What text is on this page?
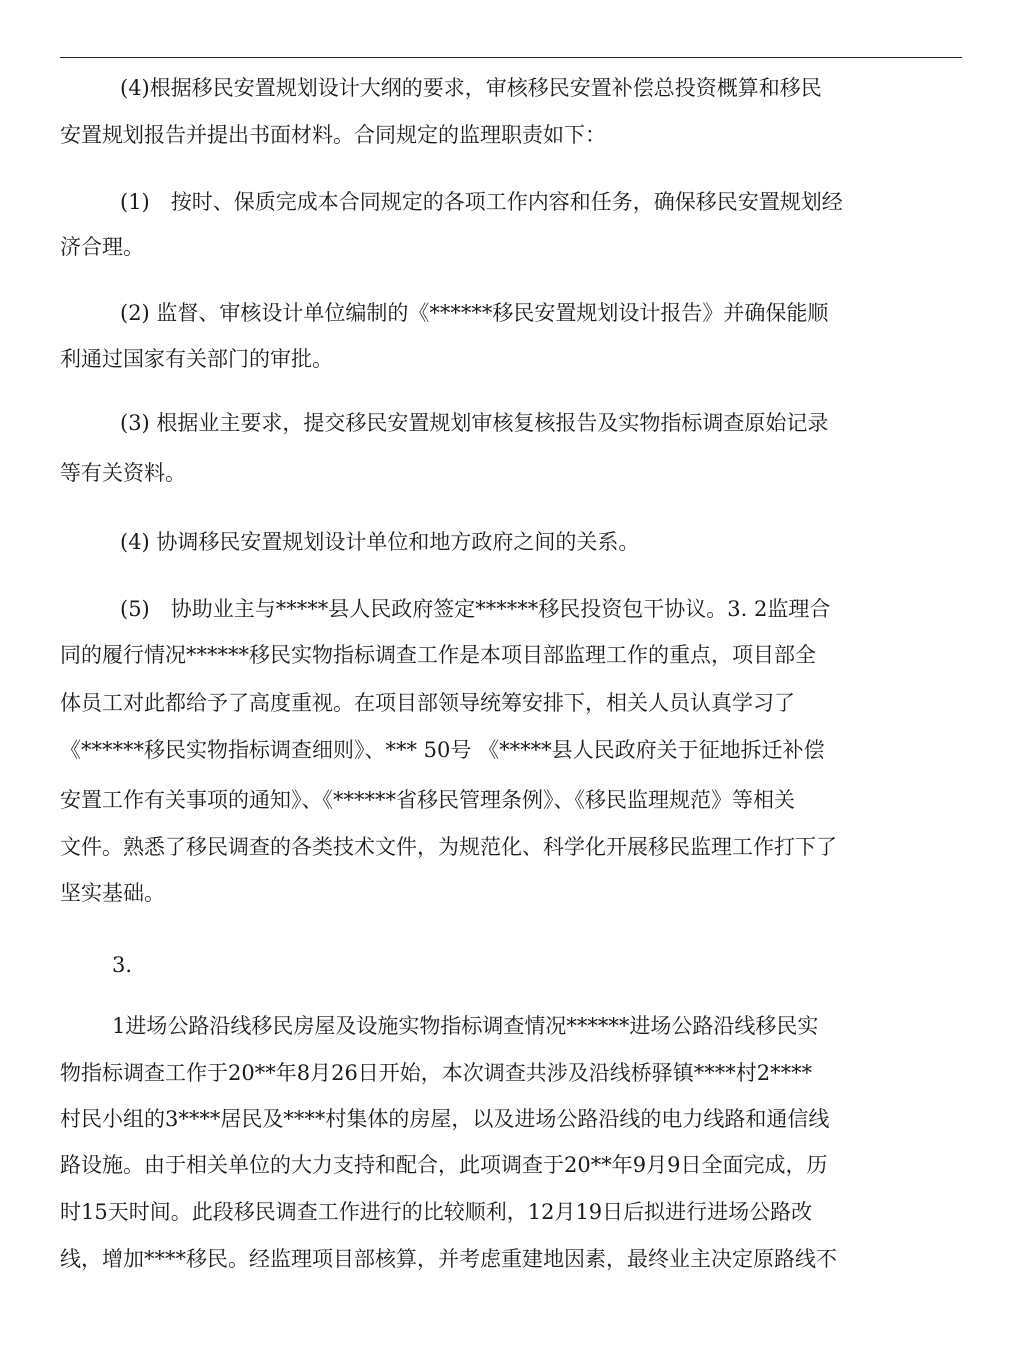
(4)根据移民安置规划设计大纲的要求，审核移民安置补偿总投资概算和移民
安置规划报告并提出书面材料。合同规定的监理职责如下：
(1)　按时、保质完成本合同规定的各项工作内容和任务，确保移民安置规划经
济合理。
(2) 监督、审核设计单位编制的《******移民安置规划设计报告》并确保能顺
利通过国家有关部门的审批。
(3) 根据业主要求，提交移民安置规划审核复核报告及实物指标调查原始记录
等有关资料。
(4) 协调移民安置规划设计单位和地方政府之间的关系。
(5)　协助业主与*****县人民政府签定******移民投资包干协议。3. 2监理合
同的履行情况******移民实物指标调查工作是本项目部监理工作的重点，项目部全
体员工对此都给予了高度重视。在项目部领导统筹安排下，相关人员认真学习了
《******移民实物指标调查细则》、*** 50号 《*****县人民政府关于征地拆迁补偿
安置工作有关事项的通知》、《******省移民管理条例》、《移民监理规范》等相关
文件。熟悉了移民调查的各类技术文件，为规范化、科学化开展移民监理工作打下了
坚实基础。
3.
1进场公路沿线移民房屋及设施实物指标调查情况******进场公路沿线移民实
物指标调查工作于20**年8月26日开始，本次调查共涉及沿线桥驿镇****村2****
村民小组的3****居民及****村集体的房屋，以及进场公路沿线的电力线路和通信线
路设施。由于相关单位的大力支持和配合，此项调查于20**年9月9日全面完成，历
时15天时间。此段移民调查工作进行的比较顺利，12月19日后拟进行进场公路改
线，增加****移民。经监理项目部核算，并考虑重建地因素，最终业主决定原路线不
